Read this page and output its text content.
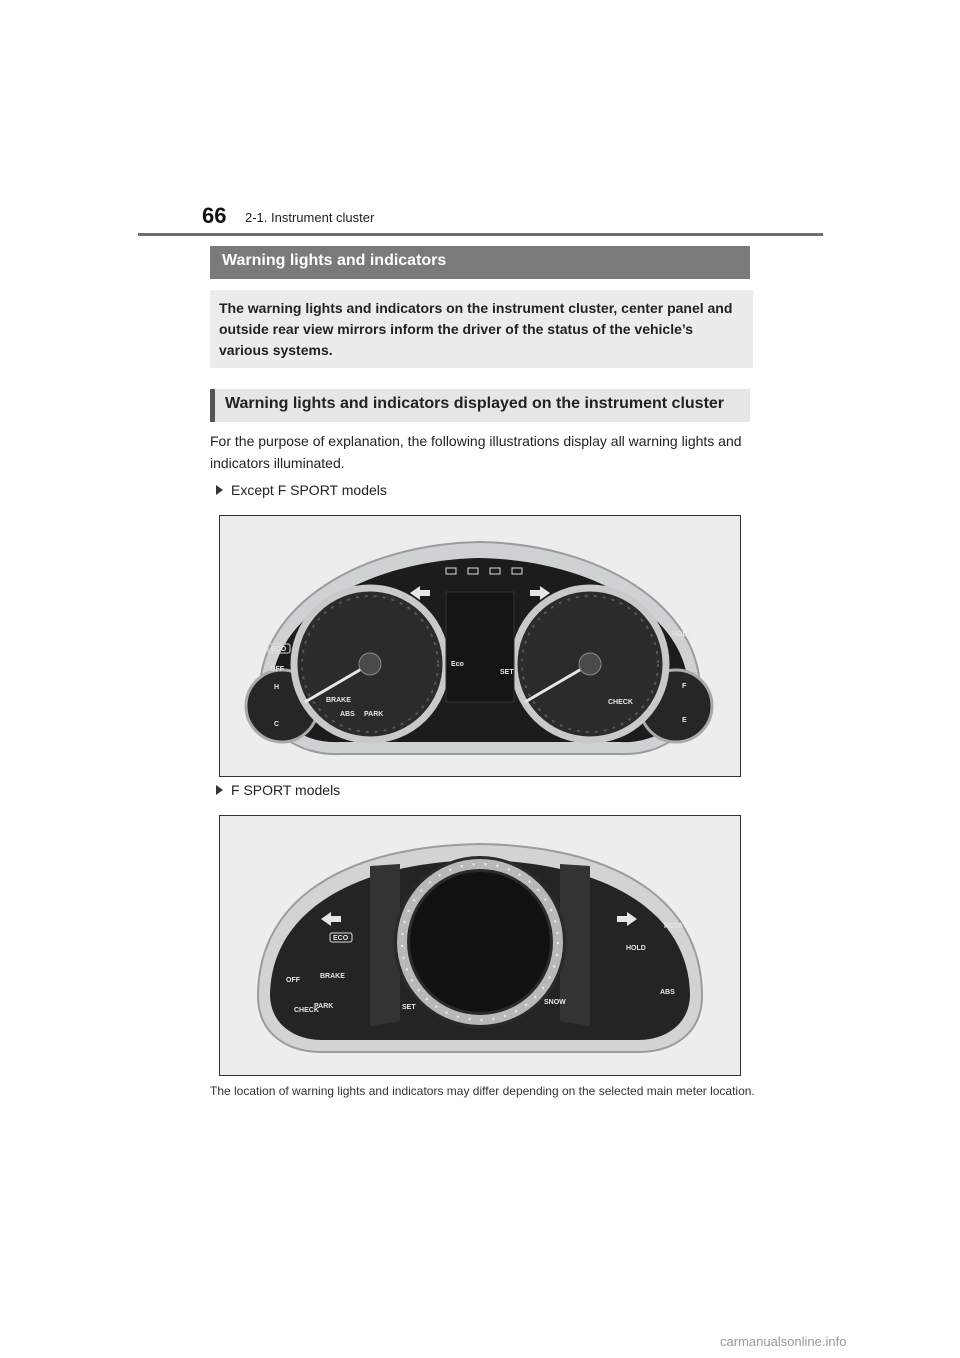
66 2-1. Instrument cluster
Warning lights and indicators
The warning lights and indicators on the instrument cluster, center panel and outside rear view mirrors inform the driver of the status of the vehicle’s various systems.
Warning lights and indicators displayed on the instrument cluster
For the purpose of explanation, the following illustrations display all warning lights and indicators illuminated.
Except F SPORT models
ECO
OFF
H
C
BRAKE
ABS PARK
HOLD
F
E
CHECK
SET
Eco
F SPORT models
ECO
OFF
BRAKE
PARK
CHECK	SET
SNOW
HOLD
RCTA
ABS
The location of warning lights and indicators may differ depending on the selected main meter location.
carmanualsonline.info
